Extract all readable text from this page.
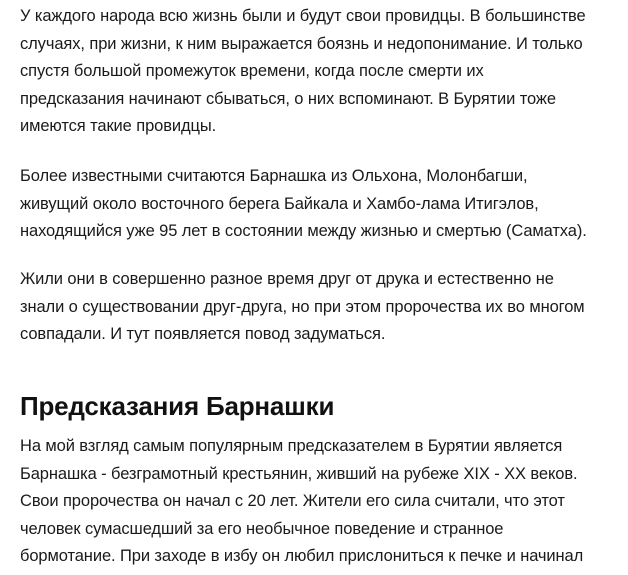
У каждого народа всю жизнь были и будут свои провидцы. В большинстве
случаях, при жизни, к ним выражается боязнь и недопонимание. И только
спустя большой промежуток времени, когда после смерти их
предсказания начинают сбываться, о них вспоминают. В Бурятии тоже
имеются такие провидцы.

Более известными считаются Барнашка из Ольхона, Молонбагши,
живущий около восточного берега Байкала и Хамбо-лама Итигэлов,
находящийся уже 95 лет в состоянии между жизнью и смертью (Саматха).

Жили они в совершенно разное время друг от друка и естественно не
знали о существовании друг-друга, но при этом пророчества их во многом
совпадали. И тут появляется повод задуматься.

Предсказания Барнашки

На мой взгляд самым популярным предсказателем в Бурятии является
Барнашка - безграмотный крестьянин, живший на рубеже XIX - XX веков.
Свои пророчества он начал с 20 лет. Жители его сила считали, что этот
человек сумасшедший за его необычное поведение и странное
бормотание. При заходе в избу он любил прислониться к печке и начинал
